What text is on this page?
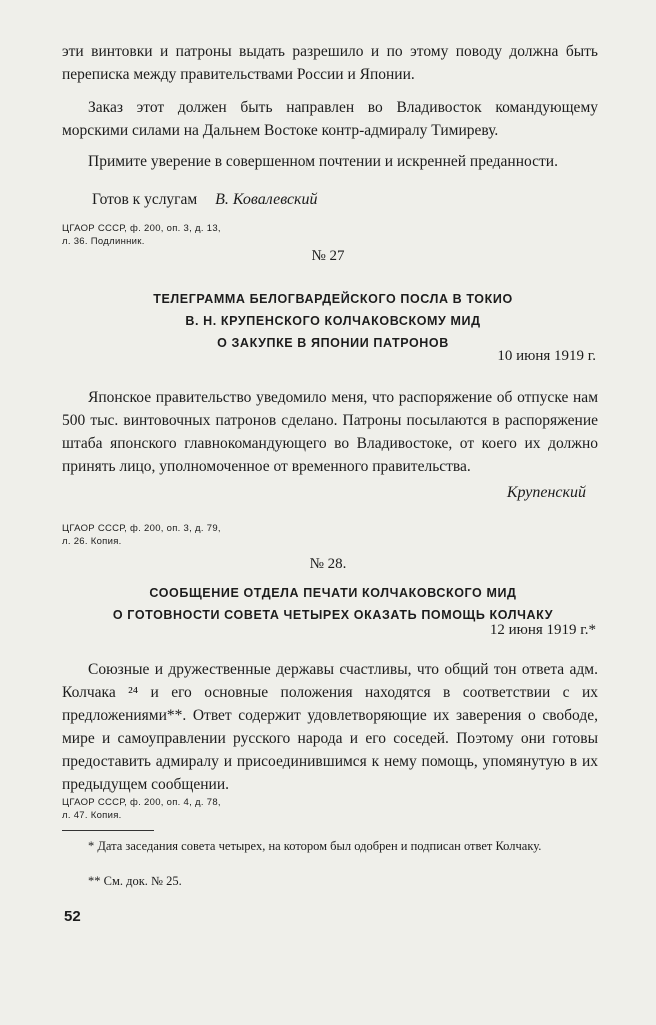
эти винтовки и патроны выдать разрешило и по этому поводу должна быть переписка между правительствами России и Японии.
Заказ этот должен быть направлен во Владивосток командующему морскими силами на Дальнем Востоке контр-адмиралу Тимиреву.
Примите уверение в совершенном почтении и искренней преданности.
Готов к услугам В. Ковалевский
ЦГАОР СССР, ф. 200, оп. 3, д. 13,
л. 36. Подлинник.
№ 27
ТЕЛЕГРАММА БЕЛОГВАРДЕЙСКОГО ПОСЛА В ТОКИО
В. Н. КРУПЕНСКОГО КОЛЧАКОВСКОМУ МИД
О ЗАКУПКЕ В ЯПОНИИ ПАТРОНОВ
10 июня 1919 г.
Японское правительство уведомило меня, что распоряжение об отпуске нам 500 тыс. винтовочных патронов сделано. Патроны посылаются в распоряжение штаба японского главнокомандующего во Владивостоке, от коего их должно принять лицо, уполномоченное от временного правительства.
Крупенский
ЦГАОР СССР, ф. 200, оп. 3, д. 79,
л. 26. Копия.
№ 28.
СООБЩЕНИЕ ОТДЕЛА ПЕЧАТИ КОЛЧАКОВСКОГО МИД
О ГОТОВНОСТИ СОВЕТА ЧЕТЫРЕХ ОКАЗАТЬ ПОМОЩЬ КОЛЧАКУ
12 июня 1919 г.*
Союзные и дружественные державы счастливы, что общий тон ответа адм. Колчака ²⁴ и его основные положения находятся в соответствии с их предложениями**. Ответ содержит удовлетворяющие их заверения о свободе, мире и самоуправлении русского народа и его соседей. Поэтому они готовы предоставить адмиралу и присоединившимся к нему помощь, упомянутую в их предыдущем сообщении.
ЦГАОР СССР, ф. 200, оп. 4, д. 78,
л. 47. Копия.
* Дата заседания совета четырех, на котором был одобрен и подписан ответ Колчаку.
** См. док. № 25.
52
